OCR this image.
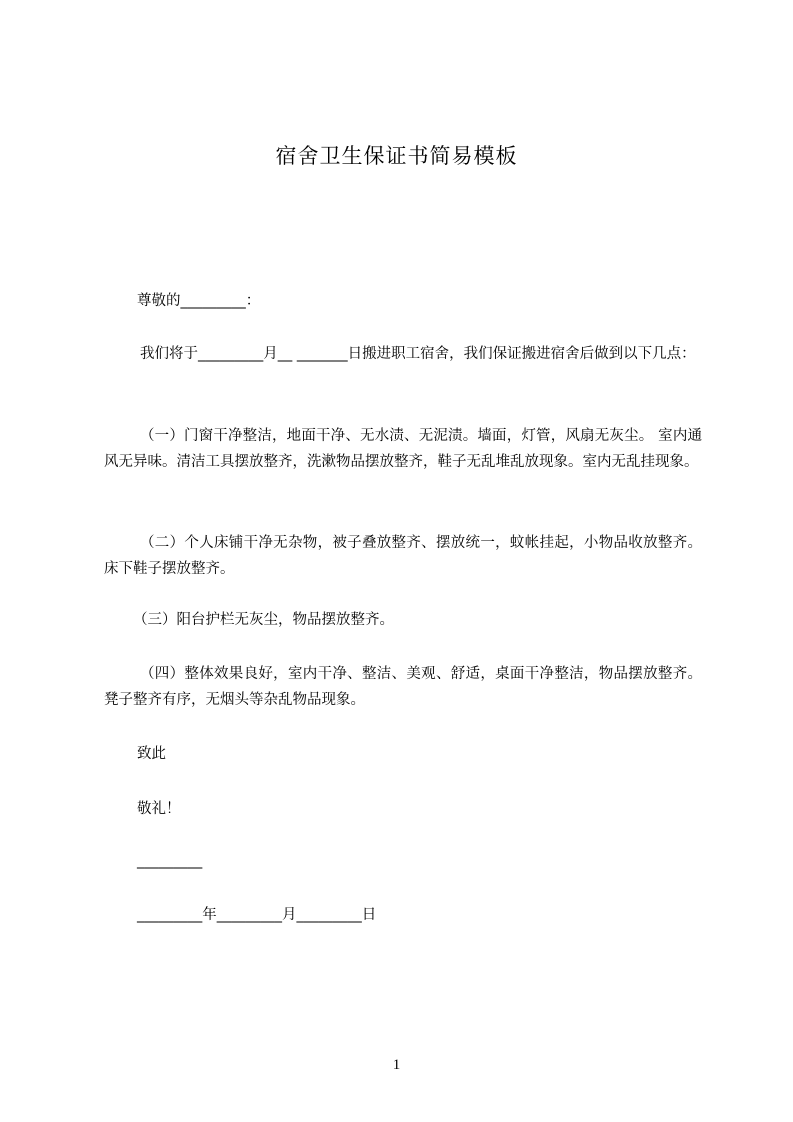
宿舍卫生保证书简易模板

尊敬的_________：

我们将于_________月__ _______日搬进职工宿舍，我们保证搬进宿舍后做到以下几点：

（一）门窗干净整洁，地面干净、无水渍、无泥渍。墙面，灯管，风扇无灰尘。 室内通风无异味。清洁工具摆放整齐，洗漱物品摆放整齐，鞋子无乱堆乱放现象。室内无乱挂现象。

（二）个人床铺干净无杂物，被子叠放整齐、摆放统一，蚊帐挂起，小物品收放整齐。床下鞋子摆放整齐。

（三）阳台护栏无灰尘，物品摆放整齐。

（四）整体效果良好，室内干净、整洁、美观、舒适，桌面干净整洁，物品摆放整齐。凳子整齐有序，无烟头等杂乱物品现象。

致此

敬礼！

_________

_________年_________月_________日

1
